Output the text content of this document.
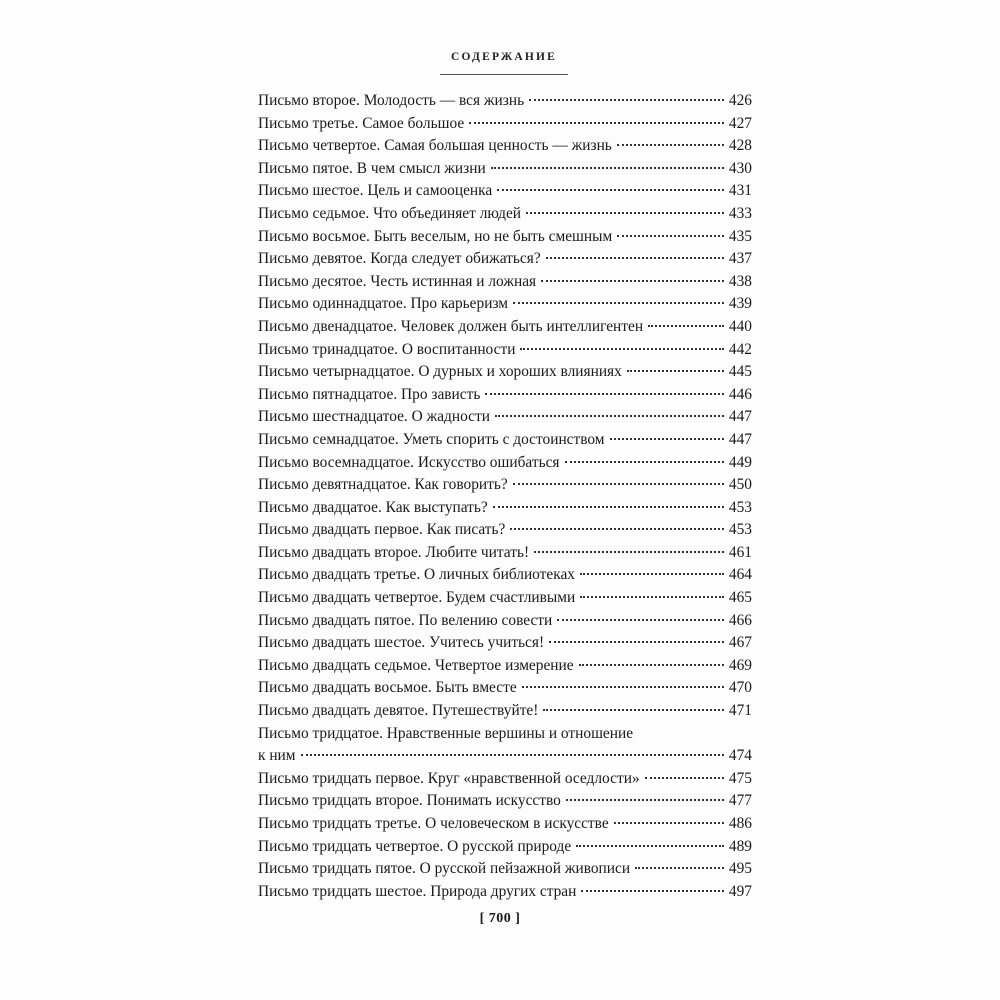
СОДЕРЖАНИЕ
Письмо второе. Молодость — вся жизнь	426
Письмо третье. Самое большое	427
Письмо четвертое. Самая большая ценность — жизнь	428
Письмо пятое. В чем смысл жизни	430
Письмо шестое. Цель и самооценка	431
Письмо седьмое. Что объединяет людей	433
Письмо восьмое. Быть веселым, но не быть смешным	435
Письмо девятое. Когда следует обижаться?	437
Письмо десятое. Честь истинная и ложная	438
Письмо одиннадцатое. Про карьеризм	439
Письмо двенадцатое. Человек должен быть интеллигентен	440
Письмо тринадцатое. О воспитанности	442
Письмо четырнадцатое. О дурных и хороших влияниях	445
Письмо пятнадцатое. Про зависть	446
Письмо шестнадцатое. О жадности	447
Письмо семнадцатое. Уметь спорить с достоинством	447
Письмо восемнадцатое. Искусство ошибаться	449
Письмо девятнадцатое. Как говорить?	450
Письмо двадцатое. Как выступать?	453
Письмо двадцать первое. Как писать?	453
Письмо двадцать второе. Любите читать!	461
Письмо двадцать третье. О личных библиотеках	464
Письмо двадцать четвертое. Будем счастливыми	465
Письмо двадцать пятое. По велению совести	466
Письмо двадцать шестое. Учитесь учиться!	467
Письмо двадцать седьмое. Четвертое измерение	469
Письмо двадцать восьмое. Быть вместе	470
Письмо двадцать девятое. Путешествуйте!	471
Письмо тридцатое. Нравственные вершины и отношение
к ним	474
Письмо тридцать первое. Круг «нравственной оседлости»	475
Письмо тридцать второе. Понимать искусство	477
Письмо тридцать третье. О человеческом в искусстве	486
Письмо тридцать четвертое. О русской природе	489
Письмо тридцать пятое. О русской пейзажной живописи	495
Письмо тридцать шестое. Природа других стран	497
[ 700 ]
